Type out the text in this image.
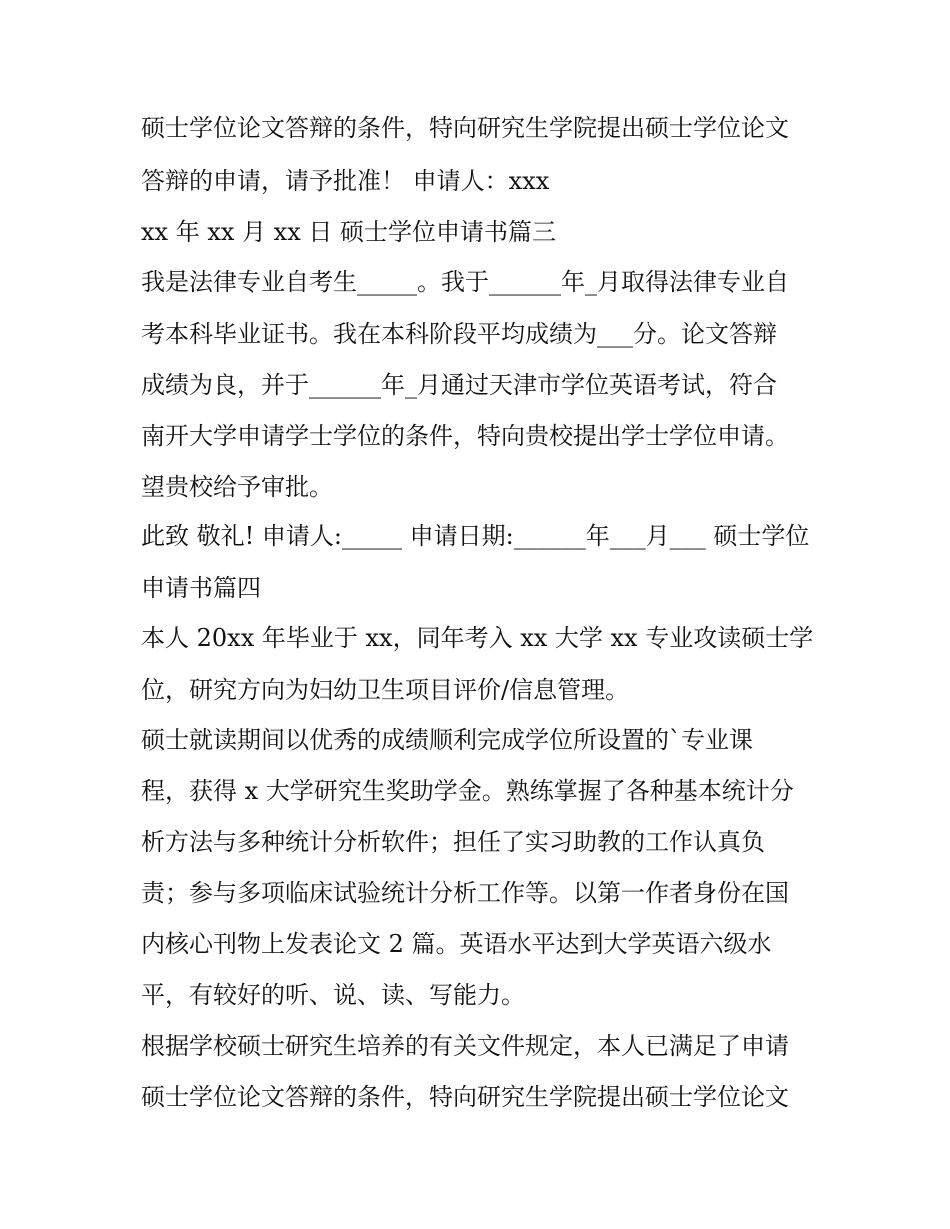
硕士学位论文答辩的条件，特向研究生学院提出硕士学位论文

答辩的申请，请予批准！ 申请人：xxx

xx 年 xx 月 xx 日 硕士学位申请书篇三

我是法律专业自考生_____。我于______年_月取得法律专业自

考本科毕业证书。我在本科阶段平均成绩为___分。论文答辩

成绩为良，并于______年_月通过天津市学位英语考试，符合

南开大学申请学士学位的条件，特向贵校提出学士学位申请。

望贵校给予审批。

此致 敬礼! 申请人:_____ 申请日期:______年___月___ 硕士学位

申请书篇四

本人 20xx 年毕业于 xx，同年考入 xx 大学 xx 专业攻读硕士学

位，研究方向为妇幼卫生项目评价/信息管理。

硕士就读期间以优秀的成绩顺利完成学位所设置的`专业课

程，获得 x 大学研究生奖助学金。熟练掌握了各种基本统计分

析方法与多种统计分析软件；担任了实习助教的工作认真负

责；参与多项临床试验统计分析工作等。以第一作者身份在国

内核心刊物上发表论文 2 篇。英语水平达到大学英语六级水

平，有较好的听、说、读、写能力。

根据学校硕士研究生培养的有关文件规定，本人已满足了申请

硕士学位论文答辩的条件，特向研究生学院提出硕士学位论文
